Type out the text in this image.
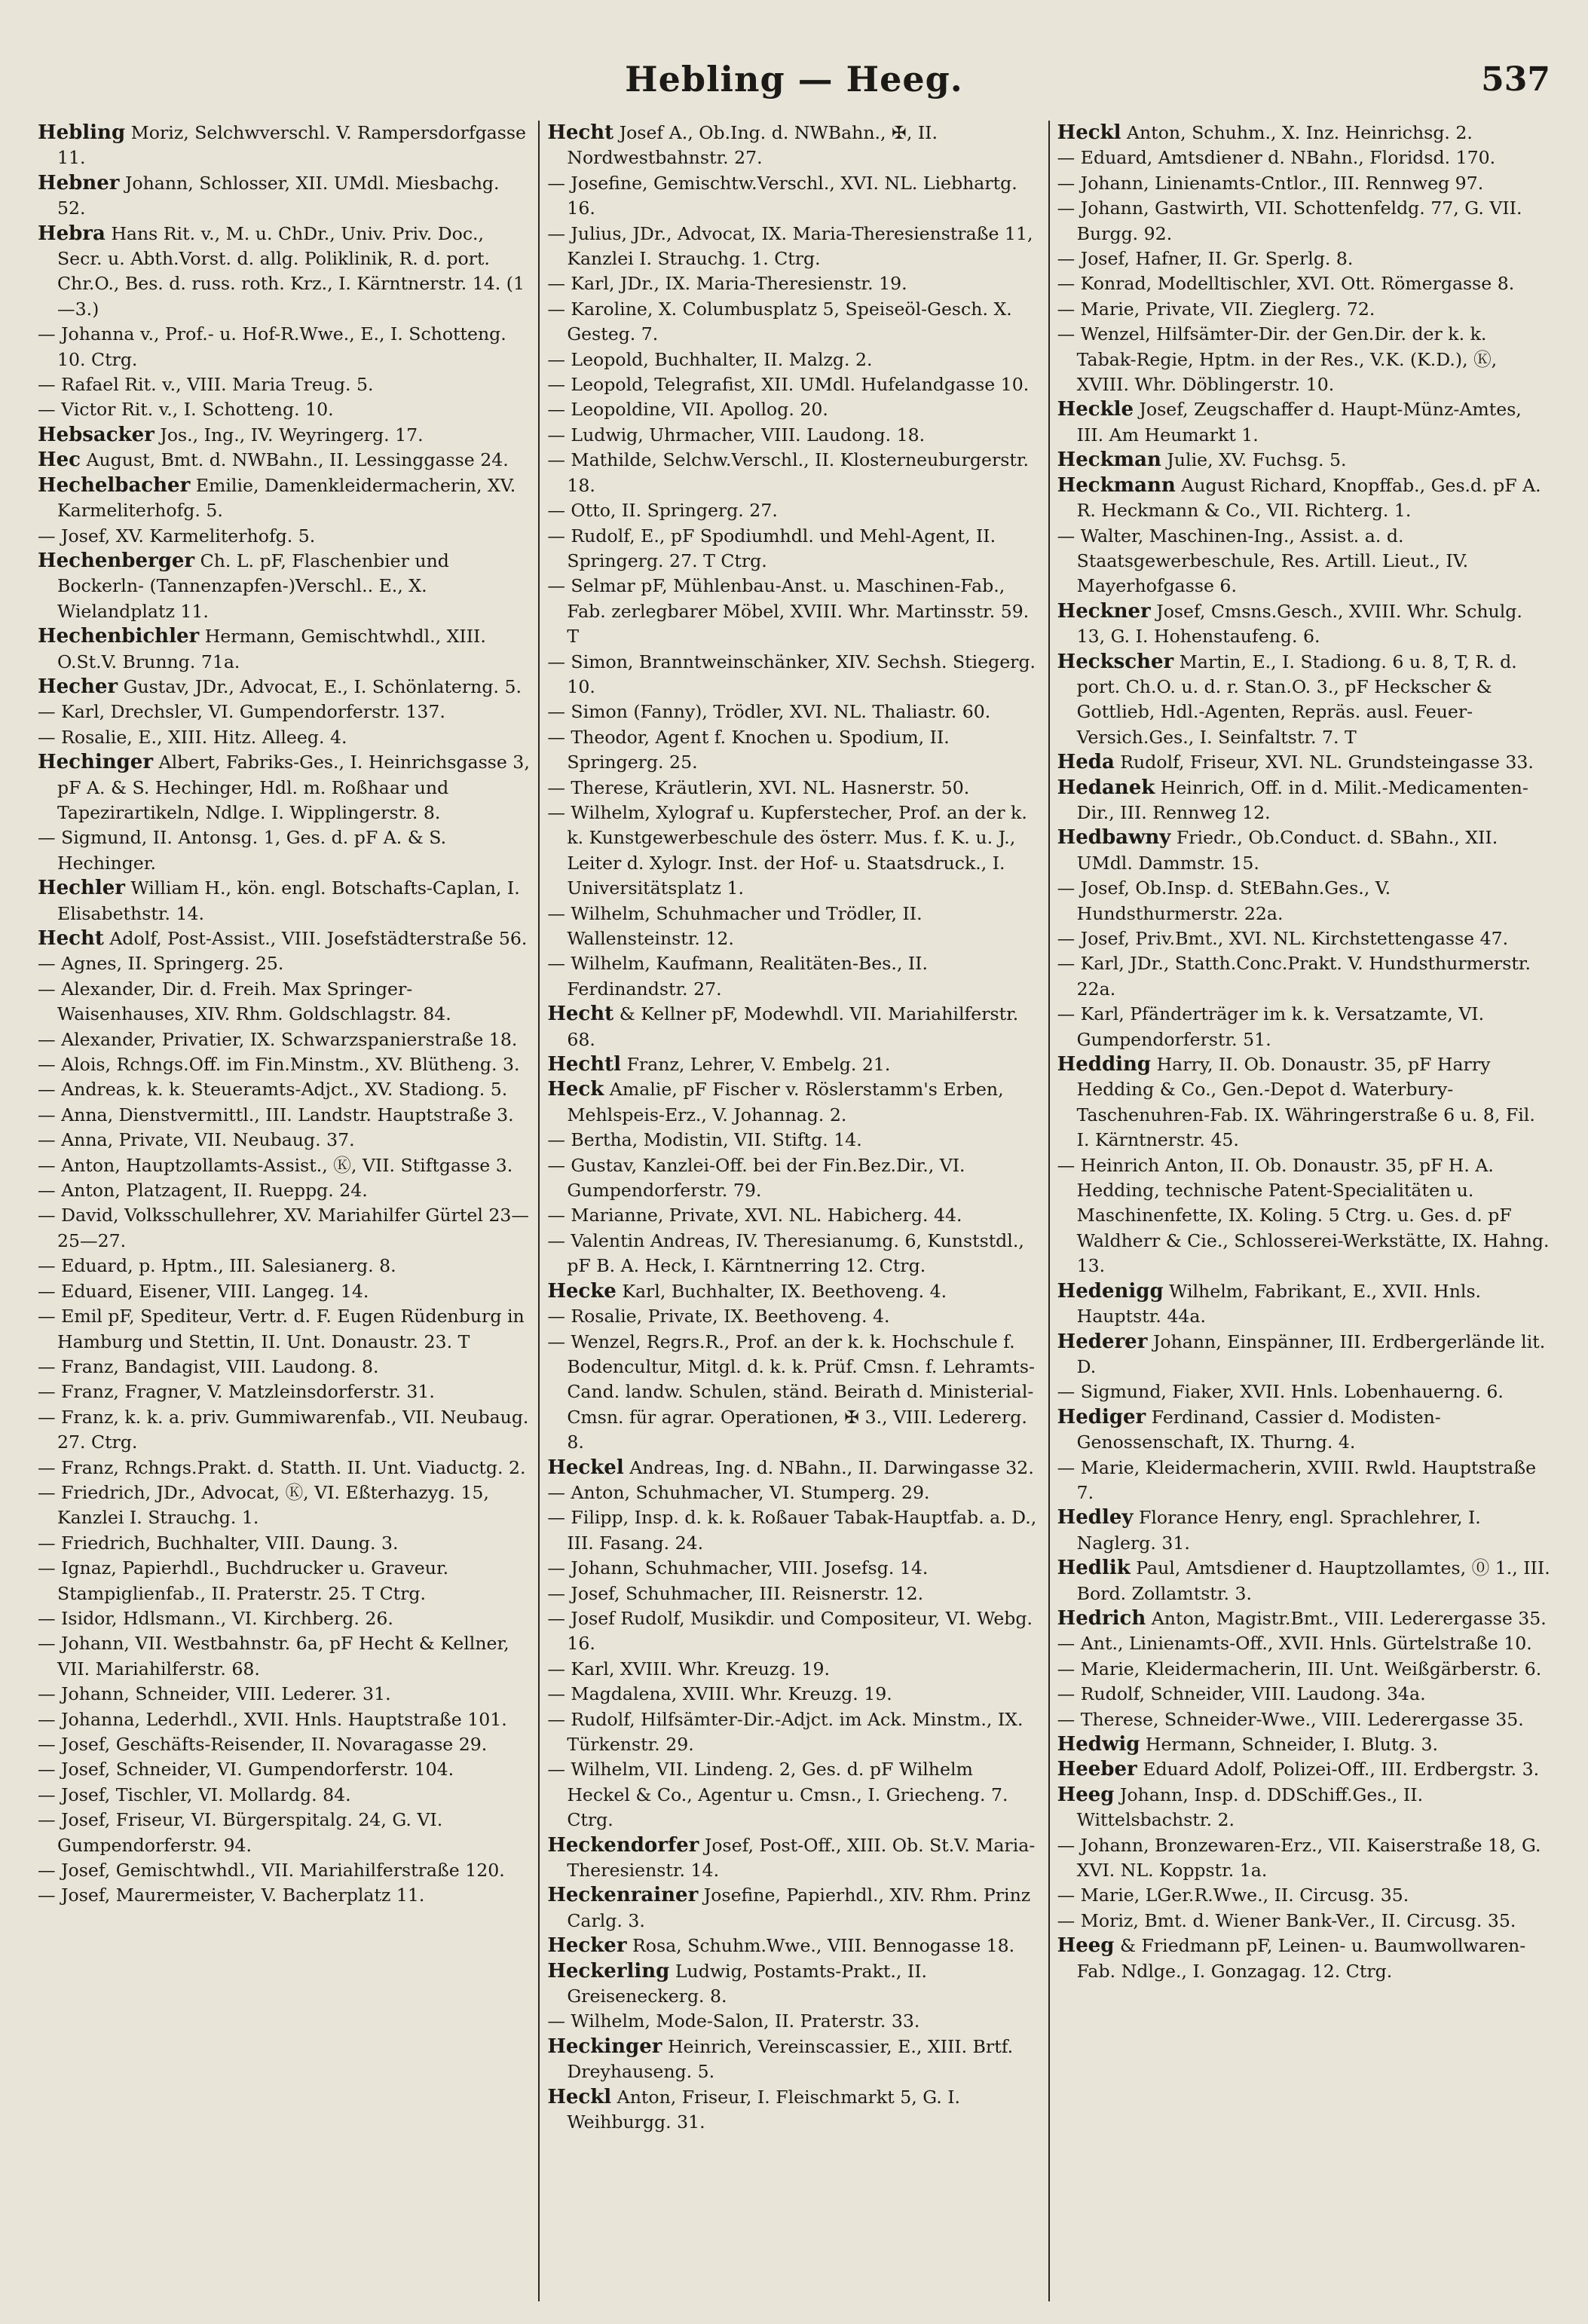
Hebling — Heeg.	537

Hebling Moriz, Selchwverschl. V. Rampersdorfgasse 11.

Hebner Johann, Schlosser, XII. UMdl. Miesbachg. 52.

Hebra Hans Rit. v., M. u. ChDr., Univ. Priv. Doc., Secr. u. Abth.Vorst. d. allg. Poliklinik, R. d. port. Chr.O., Bes. d. russ. roth. Krz., I. Kärntnerstr. 14. (1—3.)

— Johanna v., Prof.- u. Hof-R.Wwe., E., I. Schotteng. 10. Ctrg.

— Rafael Rit. v., VIII. Maria Treug. 5.

— Victor Rit. v., I. Schotteng. 10.

Hebsacker Jos., Ing., IV. Weyringerg. 17.

Hec August, Bmt. d. NWBahn., II. Lessinggasse 24.

Hechelbacher Emilie, Damenkleidermacherin, XV. Karmeliterhofg. 5.

— Josef, XV. Karmeliterhofg. 5.

Hechenberger Ch. L. pF, Flaschenbier und Bockerln- (Tannenzapfen-)Verschl.. E., X. Wielandplatz 11.

Hechenbichler Hermann, Gemischtwhdl., XIII. O.St.V. Brunng. 71a.

Hecher Gustav, JDr., Advocat, E., I. Schönlaterng. 5.

— Karl, Drechsler, VI. Gumpendorferstr. 137.

— Rosalie, E., XIII. Hitz. Alleeg. 4.

Hechinger Albert, Fabriks-Ges., I. Heinrichsgasse 3, pF A. & S. Hechinger, Hdl. m. Roßhaar und Tapezirartikeln, Ndlge. I. Wipplingerstr. 8.

— Sigmund, II. Antonsg. 1, Ges. d. pF A. & S. Hechinger.

Hechler William H., kön. engl. Botschafts-Caplan, I. Elisabethstr. 14.

Hecht Adolf, Post-Assist., VIII. Josefstädterstraße 56.

— Agnes, II. Springerg. 25.

— Alexander, Dir. d. Freih. Max Springer-Waisenhauses, XIV. Rhm. Goldschlagstr. 84.

— Alexander, Privatier, IX. Schwarzspanierstraße 18.

— Alois, Rchngs.Off. im Fin.Minstm., XV. Blütheng. 3.

— Andreas, k. k. Steueramts-Adjct., XV. Stadiong. 5.

— Anna, Dienstvermittl., III. Landstr. Hauptstraße 3.

— Anna, Private, VII. Neubaug. 37.

— Anton, Hauptzollamts-Assist., Ⓚ, VII. Stiftgasse 3.

— Anton, Platzagent, II. Rueppg. 24.

— David, Volksschullehrer, XV. Mariahilfer Gürtel 23—25—27.

— Eduard, p. Hptm., III. Salesianerg. 8.

— Eduard, Eisener, VIII. Langeg. 14.

— Emil pF, Spediteur, Vertr. d. F. Eugen Rüdenburg in Hamburg und Stettin, II. Unt. Donaustr. 23. T

— Franz, Bandagist, VIII. Laudong. 8.

— Franz, Fragner, V. Matzleinsdorferstr. 31.

— Franz, k. k. a. priv. Gummiwarenfab., VII. Neubaug. 27. Ctrg.

— Franz, Rchngs.Prakt. d. Statth. II. Unt. Viaductg. 2.

— Friedrich, JDr., Advocat, Ⓚ, VI. Eßterhazyg. 15, Kanzlei I. Strauchg. 1.

— Friedrich, Buchhalter, VIII. Daung. 3.

— Ignaz, Papierhdl., Buchdrucker u. Graveur. Stampiglienfab., II. Praterstr. 25. T Ctrg.

— Isidor, Hdlsmann., VI. Kirchberg. 26.

— Johann, VII. Westbahnstr. 6a, pF Hecht & Kellner, VII. Mariahilferstr. 68.

— Johann, Schneider, VIII. Lederer. 31.

— Johanna, Lederhdl., XVII. Hnls. Hauptstraße 101.

— Josef, Geschäfts-Reisender, II. Novaragasse 29.

— Josef, Schneider, VI. Gumpendorferstr. 104.

— Josef, Tischler, VI. Mollardg. 84.

— Josef, Friseur, VI. Bürgerspitalg. 24, G. VI. Gumpendorferstr. 94.

— Josef, Gemischtwhdl., VII. Mariahilferstraße 120.

— Josef, Maurermeister, V. Bacherplatz 11.

Hecht Josef A., Ob.Ing. d. NWBahn., ✠, II. Nordwestbahnstr. 27.

— Josefine, Gemischtw.Verschl., XVI. NL. Liebhartg. 16.

— Julius, JDr., Advocat, IX. Maria-Theresienstraße 11, Kanzlei I. Strauchg. 1. Ctrg.

— Karl, JDr., IX. Maria-Theresienstr. 19.

— Karoline, X. Columbusplatz 5, Speiseöl-Gesch. X. Gesteg. 7.

— Leopold, Buchhalter, II. Malzg. 2.

— Leopold, Telegrafist, XII. UMdl. Hufelandgasse 10.

— Leopoldine, VII. Apollog. 20.

— Ludwig, Uhrmacher, VIII. Laudong. 18.

— Mathilde, Selchw.Verschl., II. Klosterneuburgerstr. 18.

— Otto, II. Springerg. 27.

— Rudolf, E., pF Spodiumhdl. und Mehl-Agent, II. Springerg. 27. T Ctrg.

— Selmar pF, Mühlenbau-Anst. u. Maschinen-Fab., Fab. zerlegbarer Möbel, XVIII. Whr. Martinsstr. 59. T

— Simon, Branntweinschänker, XIV. Sechsh. Stiegerg. 10.

— Simon (Fanny), Trödler, XVI. NL. Thaliastr. 60.

— Theodor, Agent f. Knochen u. Spodium, II. Springerg. 25.

— Therese, Kräutlerin, XVI. NL. Hasnerstr. 50.

— Wilhelm, Xylograf u. Kupferstecher, Prof. an der k. k. Kunstgewerbeschule des österr. Mus. f. K. u. J., Leiter d. Xylogr. Inst. der Hof- u. Staatsdruck., I. Universitätsplatz 1.

— Wilhelm, Schuhmacher und Trödler, II. Wallensteinstr. 12.

— Wilhelm, Kaufmann, Realitäten-Bes., II. Ferdinandstr. 27.

Hecht & Kellner pF, Modewhdl. VII. Mariahilferstr. 68.

Hechtl Franz, Lehrer, V. Embelg. 21.

Heck Amalie, pF Fischer v. Röslerstamm's Erben, Mehlspeis-Erz., V. Johannag. 2.

— Bertha, Modistin, VII. Stiftg. 14.

— Gustav, Kanzlei-Off. bei der Fin.Bez.Dir., VI. Gumpendorferstr. 79.

— Marianne, Private, XVI. NL. Habicherg. 44.

— Valentin Andreas, IV. Theresianumg. 6, Kunststdl., pF B. A. Heck, I. Kärntnerring 12. Ctrg.

Hecke Karl, Buchhalter, IX. Beethoveng. 4.

— Rosalie, Private, IX. Beethoveng. 4.

— Wenzel, Regrs.R., Prof. an der k. k. Hochschule f. Bodencultur, Mitgl. d. k. k. Prüf. Cmsn. f. Lehramts-Cand. landw. Schulen, ständ. Beirath d. Ministerial-Cmsn. für agrar. Operationen, ✠ 3., VIII. Ledererg. 8.

Heckel Andreas, Ing. d. NBahn., II. Darwingasse 32.

— Anton, Schuhmacher, VI. Stumperg. 29.

— Filipp, Insp. d. k. k. Roßauer Tabak-Hauptfab. a. D., III. Fasang. 24.

— Johann, Schuhmacher, VIII. Josefsg. 14.

— Josef, Schuhmacher, III. Reisnerstr. 12.

— Josef Rudolf, Musikdir. und Compositeur, VI. Webg. 16.

— Karl, XVIII. Whr. Kreuzg. 19.

— Magdalena, XVIII. Whr. Kreuzg. 19.

— Rudolf, Hilfsämter-Dir.-Adjct. im Ack. Minstm., IX. Türkenstr. 29.

— Wilhelm, VII. Lindeng. 2, Ges. d. pF Wilhelm Heckel & Co., Agentur u. Cmsn., I. Griecheng. 7. Ctrg.

Heckendorfer Josef, Post-Off., XIII. Ob. St.V. Maria-Theresienstr. 14.

Heckenrainer Josefine, Papierhdl., XIV. Rhm. Prinz Carlg. 3.

Hecker Rosa, Schuhm.Wwe., VIII. Bennogasse 18.

Heckerling Ludwig, Postamts-Prakt., II. Greiseneckerg. 8.

— Wilhelm, Mode-Salon, II. Praterstr. 33.

Heckinger Heinrich, Vereinscassier, E., XIII. Brtf. Dreyhauseng. 5.

Heckl Anton, Friseur, I. Fleischmarkt 5, G. I. Weihburgg. 31.

Heckl Anton, Schuhm., X. Inz. Heinrichsg. 2.

— Eduard, Amtsdiener d. NBahn., Floridsd. 170.

— Johann, Linienamts-Cntlor., III. Rennweg 97.

— Johann, Gastwirth, VII. Schottenfeldg. 77, G. VII. Burgg. 92.

— Josef, Hafner, II. Gr. Sperlg. 8.

— Konrad, Modelltischler, XVI. Ott. Römergasse 8.

— Marie, Private, VII. Zieglerg. 72.

— Wenzel, Hilfsämter-Dir. der Gen.Dir. der k. k. Tabak-Regie, Hptm. in der Res., V.K. (K.D.), Ⓚ, XVIII. Whr. Döblingerstr. 10.

Heckle Josef, Zeugschaffer d. Haupt-Münz-Amtes, III. Am Heumarkt 1.

Heckman Julie, XV. Fuchsg. 5.

Heckmann August Richard, Knopffab., Ges.d. pF A. R. Heckmann & Co., VII. Richterg. 1.

— Walter, Maschinen-Ing., Assist. a. d. Staatsgewerbeschule, Res. Artill. Lieut., IV. Mayerhofgasse 6.

Heckner Josef, Cmsns.Gesch., XVIII. Whr. Schulg. 13, G. I. Hohenstaufeng. 6.

Heckscher Martin, E., I. Stadiong. 6 u. 8, T, R. d. port. Ch.O. u. d. r. Stan.O. 3., pF Heckscher & Gottlieb, Hdl.-Agenten, Repräs. ausl. Feuer-Versich.Ges., I. Seinfaltstr. 7. T

Heda Rudolf, Friseur, XVI. NL. Grundsteingasse 33.

Hedanek Heinrich, Off. in d. Milit.-Medicamenten-Dir., III. Rennweg 12.

Hedbawny Friedr., Ob.Conduct. d. SBahn., XII. UMdl. Dammstr. 15.

— Josef, Ob.Insp. d. StEBahn.Ges., V. Hundsthurmerstr. 22a.

— Josef, Priv.Bmt., XVI. NL. Kirchstettengasse 47.

— Karl, JDr., Statth.Conc.Prakt. V. Hundsthurmerstr. 22a.

— Karl, Pfänderträger im k. k. Versatzamte, VI. Gumpendorferstr. 51.

Hedding Harry, II. Ob. Donaustr. 35, pF Harry Hedding & Co., Gen.-Depot d. Waterbury-Taschenuhren-Fab. IX. Währingerstraße 6 u. 8, Fil. I. Kärntnerstr. 45.

— Heinrich Anton, II. Ob. Donaustr. 35, pF H. A. Hedding, technische Patent-Specialitäten u. Maschinenfette, IX. Koling. 5 Ctrg. u. Ges. d. pF Waldherr & Cie., Schlosserei-Werkstätte, IX. Hahng. 13.

Hedenigg Wilhelm, Fabrikant, E., XVII. Hnls. Hauptstr. 44a.

Hederer Johann, Einspänner, III. Erdbergerlände lit. D.

— Sigmund, Fiaker, XVII. Hnls. Lobenhauerng. 6.

Hediger Ferdinand, Cassier d. Modisten-Genossenschaft, IX. Thurng. 4.

— Marie, Kleidermacherin, XVIII. Rwld. Hauptstraße 7.

Hedley Florance Henry, engl. Sprachlehrer, I. Naglerg. 31.

Hedlik Paul, Amtsdiener d. Hauptzollamtes, ⓪ 1., III. Bord. Zollamtstr. 3.

Hedrich Anton, Magistr.Bmt., VIII. Lederergasse 35.

— Ant., Linienamts-Off., XVII. Hnls. Gürtelstraße 10.

— Marie, Kleidermacherin, III. Unt. Weißgärberstr. 6.

— Rudolf, Schneider, VIII. Laudong. 34a.

— Therese, Schneider-Wwe., VIII. Lederergasse 35.

Hedwig Hermann, Schneider, I. Blutg. 3.

Heeber Eduard Adolf, Polizei-Off., III. Erdbergstr. 3.

Heeg Johann, Insp. d. DDSchiff.Ges., II. Wittelsbachstr. 2.

— Johann, Bronzewaren-Erz., VII. Kaiserstraße 18, G. XVI. NL. Koppstr. 1a.

— Marie, LGer.R.Wwe., II. Circusg. 35.

— Moriz, Bmt. d. Wiener Bank-Ver., II. Circusg. 35.

Heeg & Friedmann pF, Leinen- u. Baumwollwaren-Fab. Ndlge., I. Gonzagag. 12. Ctrg.
